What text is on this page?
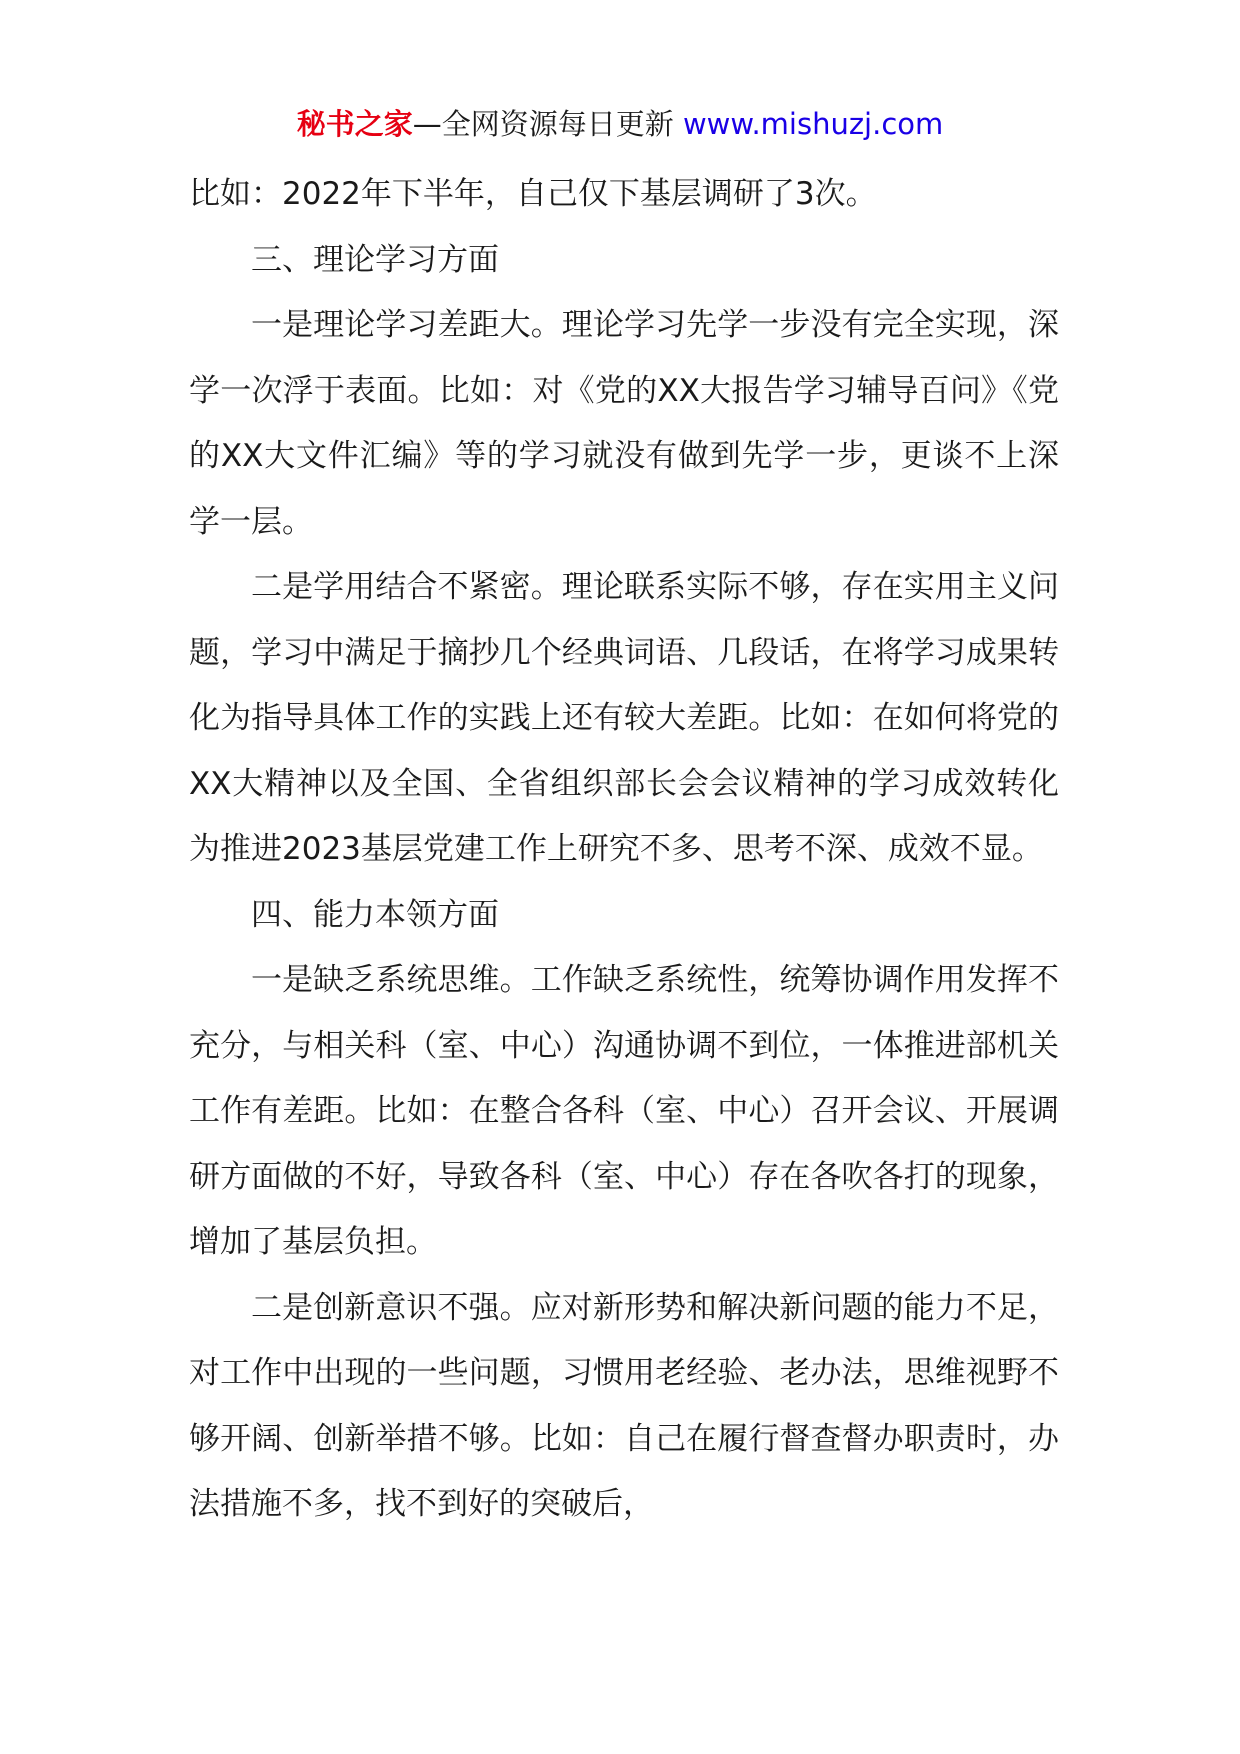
秘书之家—全网资源每日更新 www.mishuzj.com

比如：2022年下半年，自己仅下基层调研了3次。

三、理论学习方面

一是理论学习差距大。理论学习先学一步没有完全实现，深学一次浮于表面。比如：对《党的XX大报告学习辅导百问》《党的XX大文件汇编》等的学习就没有做到先学一步，更谈不上深学一层。

二是学用结合不紧密。理论联系实际不够，存在实用主义问题，学习中满足于摘抄几个经典词语、几段话，在将学习成果转化为指导具体工作的实践上还有较大差距。比如：在如何将党的XX大精神以及全国、全省组织部长会会议精神的学习成效转化为推进2023基层党建工作上研究不多、思考不深、成效不显。

四、能力本领方面

一是缺乏系统思维。工作缺乏系统性，统筹协调作用发挥不充分，与相关科（室、中心）沟通协调不到位，一体推进部机关工作有差距。比如：在整合各科（室、中心）召开会议、开展调研方面做的不好，导致各科（室、中心）存在各吹各打的现象，增加了基层负担。

二是创新意识不强。应对新形势和解决新问题的能力不足，对工作中出现的一些问题，习惯用老经验、老办法，思维视野不够开阔、创新举措不够。比如：自己在履行督查督办职责时，办法措施不多，找不到好的突破后，
